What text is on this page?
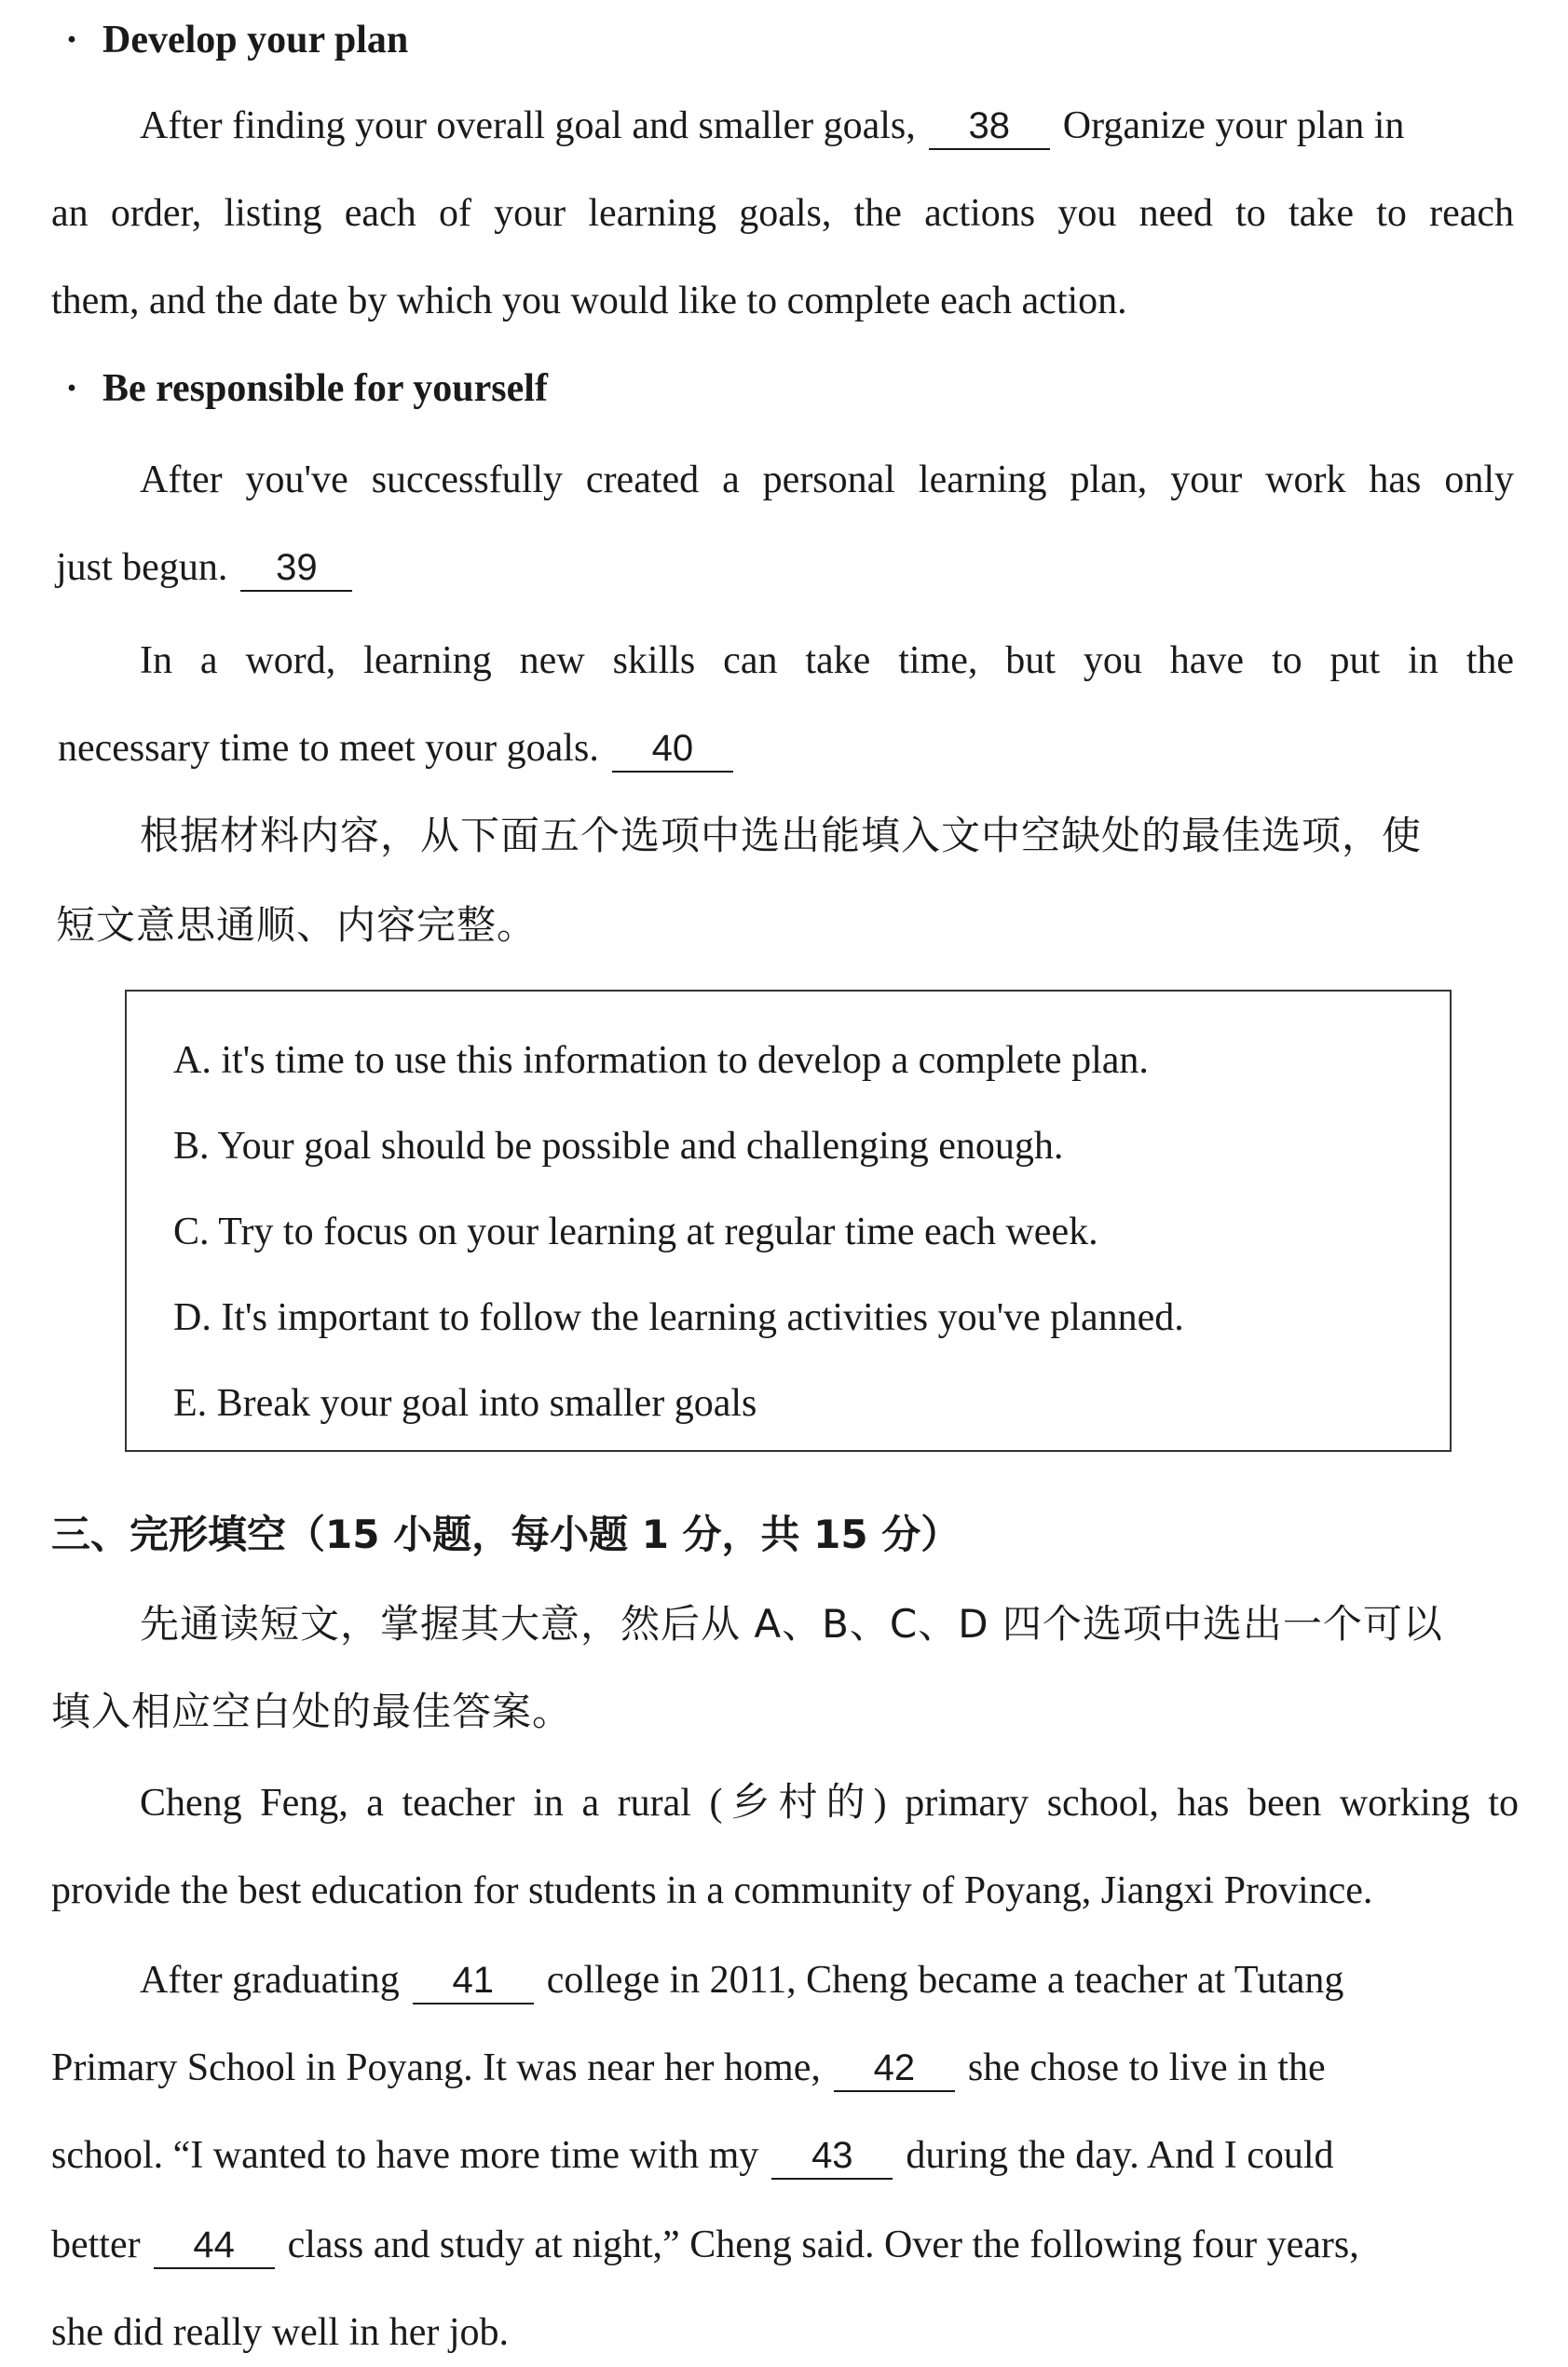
· Develop your plan
After finding your overall goal and smaller goals, 38 Organize your plan in
an order, listing each of your learning goals, the actions you need to take to reach
them, and the date by which you would like to complete each action.
· Be responsible for yourself
After you've successfully created a personal learning plan, your work has only
just begun. 39
In a word, learning new skills can take time, but you have to put in the
necessary time to meet your goals. 40
根据材料内容，从下面五个选项中选出能填入文中空缺处的最佳选项，使
短文意思通顺、内容完整。
A. it's time to use this information to develop a complete plan.
B. Your goal should be possible and challenging enough.
C. Try to focus on your learning at regular time each week.
D. It's important to follow the learning activities you've planned.
E. Break your goal into smaller goals
三、完形填空（15 小题，每小题 1 分，共 15 分）
先通读短文，掌握其大意，然后从 A、B、C、D 四个选项中选出一个可以
填入相应空白处的最佳答案。
Cheng Feng, a teacher in a rural (乡村的) primary school, has been working to
provide the best education for students in a community of Poyang, Jiangxi Province.
After graduating 41 college in 2011, Cheng became a teacher at Tutang
Primary School in Poyang. It was near her home, 42 she chose to live in the
school. “I wanted to have more time with my 43 during the day. And I could
better 44 class and study at night,” Cheng said. Over the following four years,
she did really well in her job.
